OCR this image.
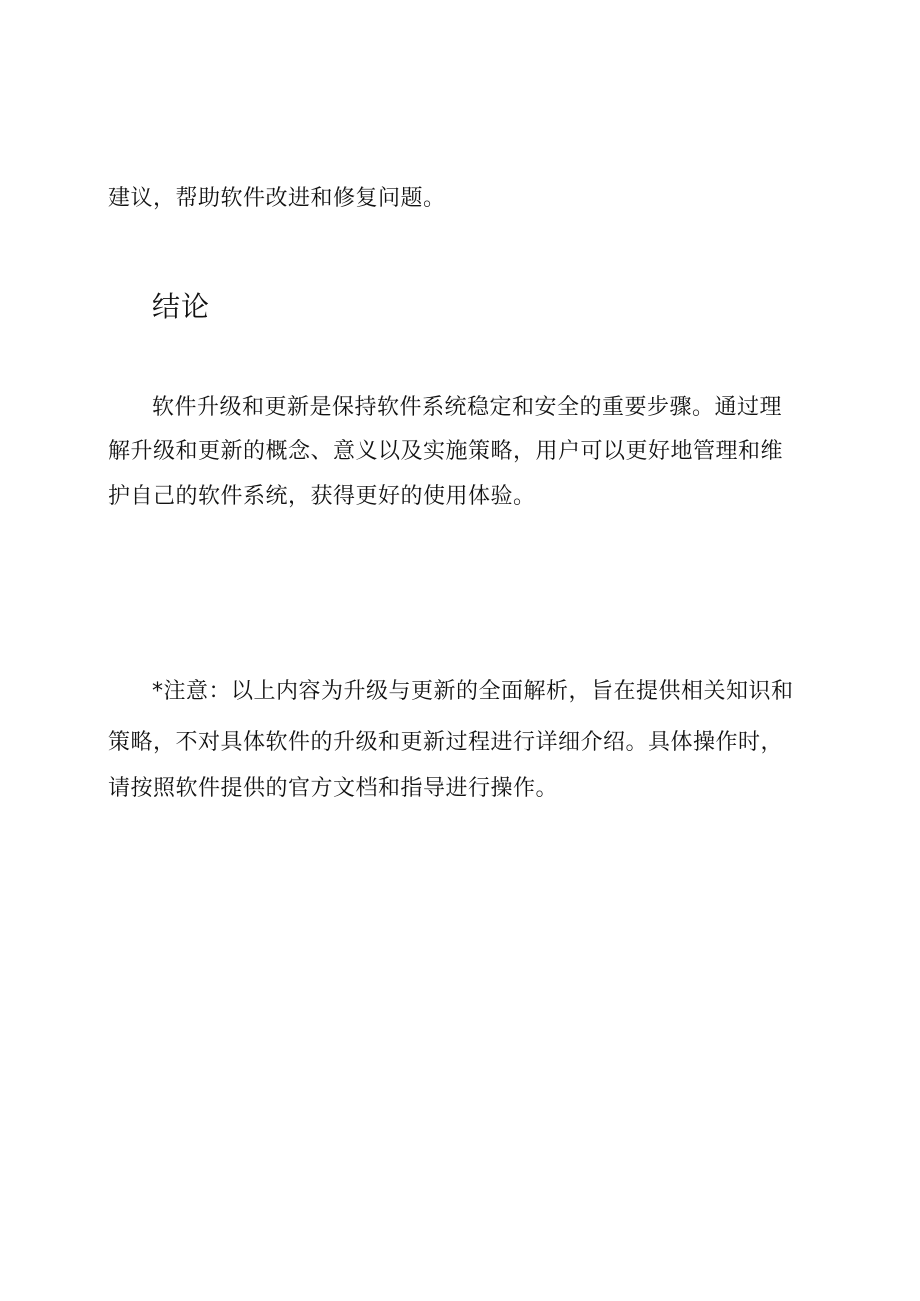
建议，帮助软件改进和修复问题。
结论
软件升级和更新是保持软件系统稳定和安全的重要步骤。通过理
解升级和更新的概念、意义以及实施策略，用户可以更好地管理和维
护自己的软件系统，获得更好的使用体验。
*注意：以上内容为升级与更新的全面解析，旨在提供相关知识和
策略，不对具体软件的升级和更新过程进行详细介绍。具体操作时，
请按照软件提供的官方文档和指导进行操作。
